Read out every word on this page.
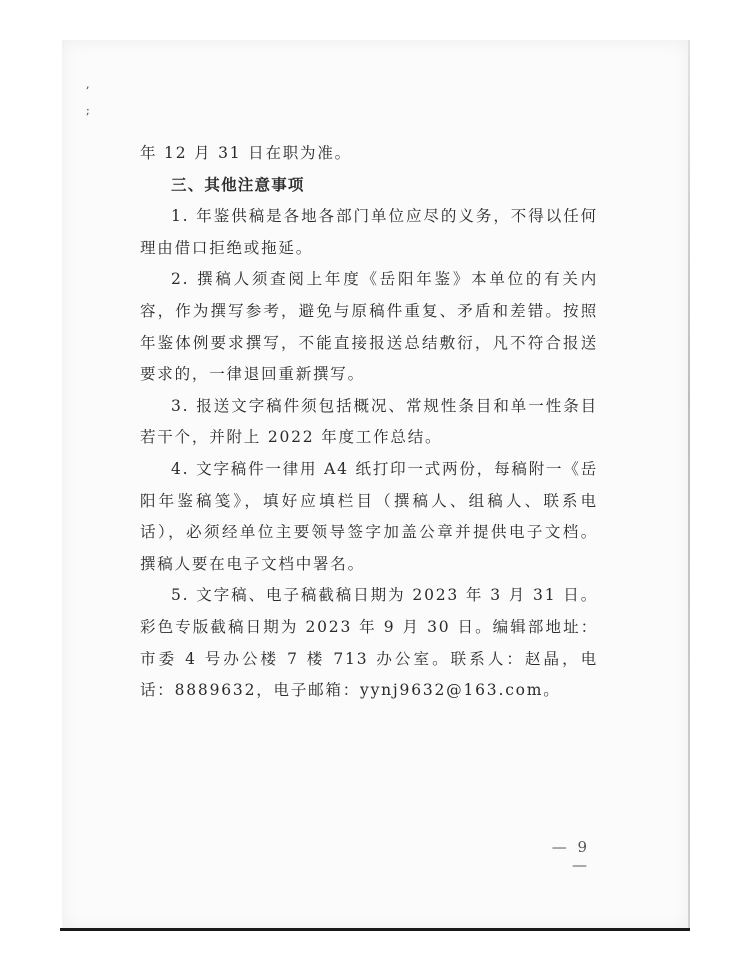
,
;

年 12 月 31 日在职为准。

三、其他注意事项

1. 年鉴供稿是各地各部门单位应尽的义务，不得以任何理由借口拒绝或拖延。

2. 撰稿人须查阅上年度《岳阳年鉴》本单位的有关内容，作为撰写参考，避免与原稿件重复、矛盾和差错。按照年鉴体例要求撰写，不能直接报送总结敷衍，凡不符合报送要求的，一律退回重新撰写。

3. 报送文字稿件须包括概况、常规性条目和单一性条目若干个，并附上 2022 年度工作总结。

4. 文字稿件一律用 A4 纸打印一式两份，每稿附一《岳阳年鉴稿笺》，填好应填栏目（撰稿人、组稿人、联系电话），必须经单位主要领导签字加盖公章并提供电子文档。撰稿人要在电子文档中署名。

5. 文字稿、电子稿截稿日期为 2023 年 3 月 31 日。彩色专版截稿日期为 2023 年 9 月 30 日。编辑部地址：市委 4 号办公楼 7 楼 713 办公室。联系人：赵晶，电话：8889632，电子邮箱：yynj9632@163.com。

— 9 —
